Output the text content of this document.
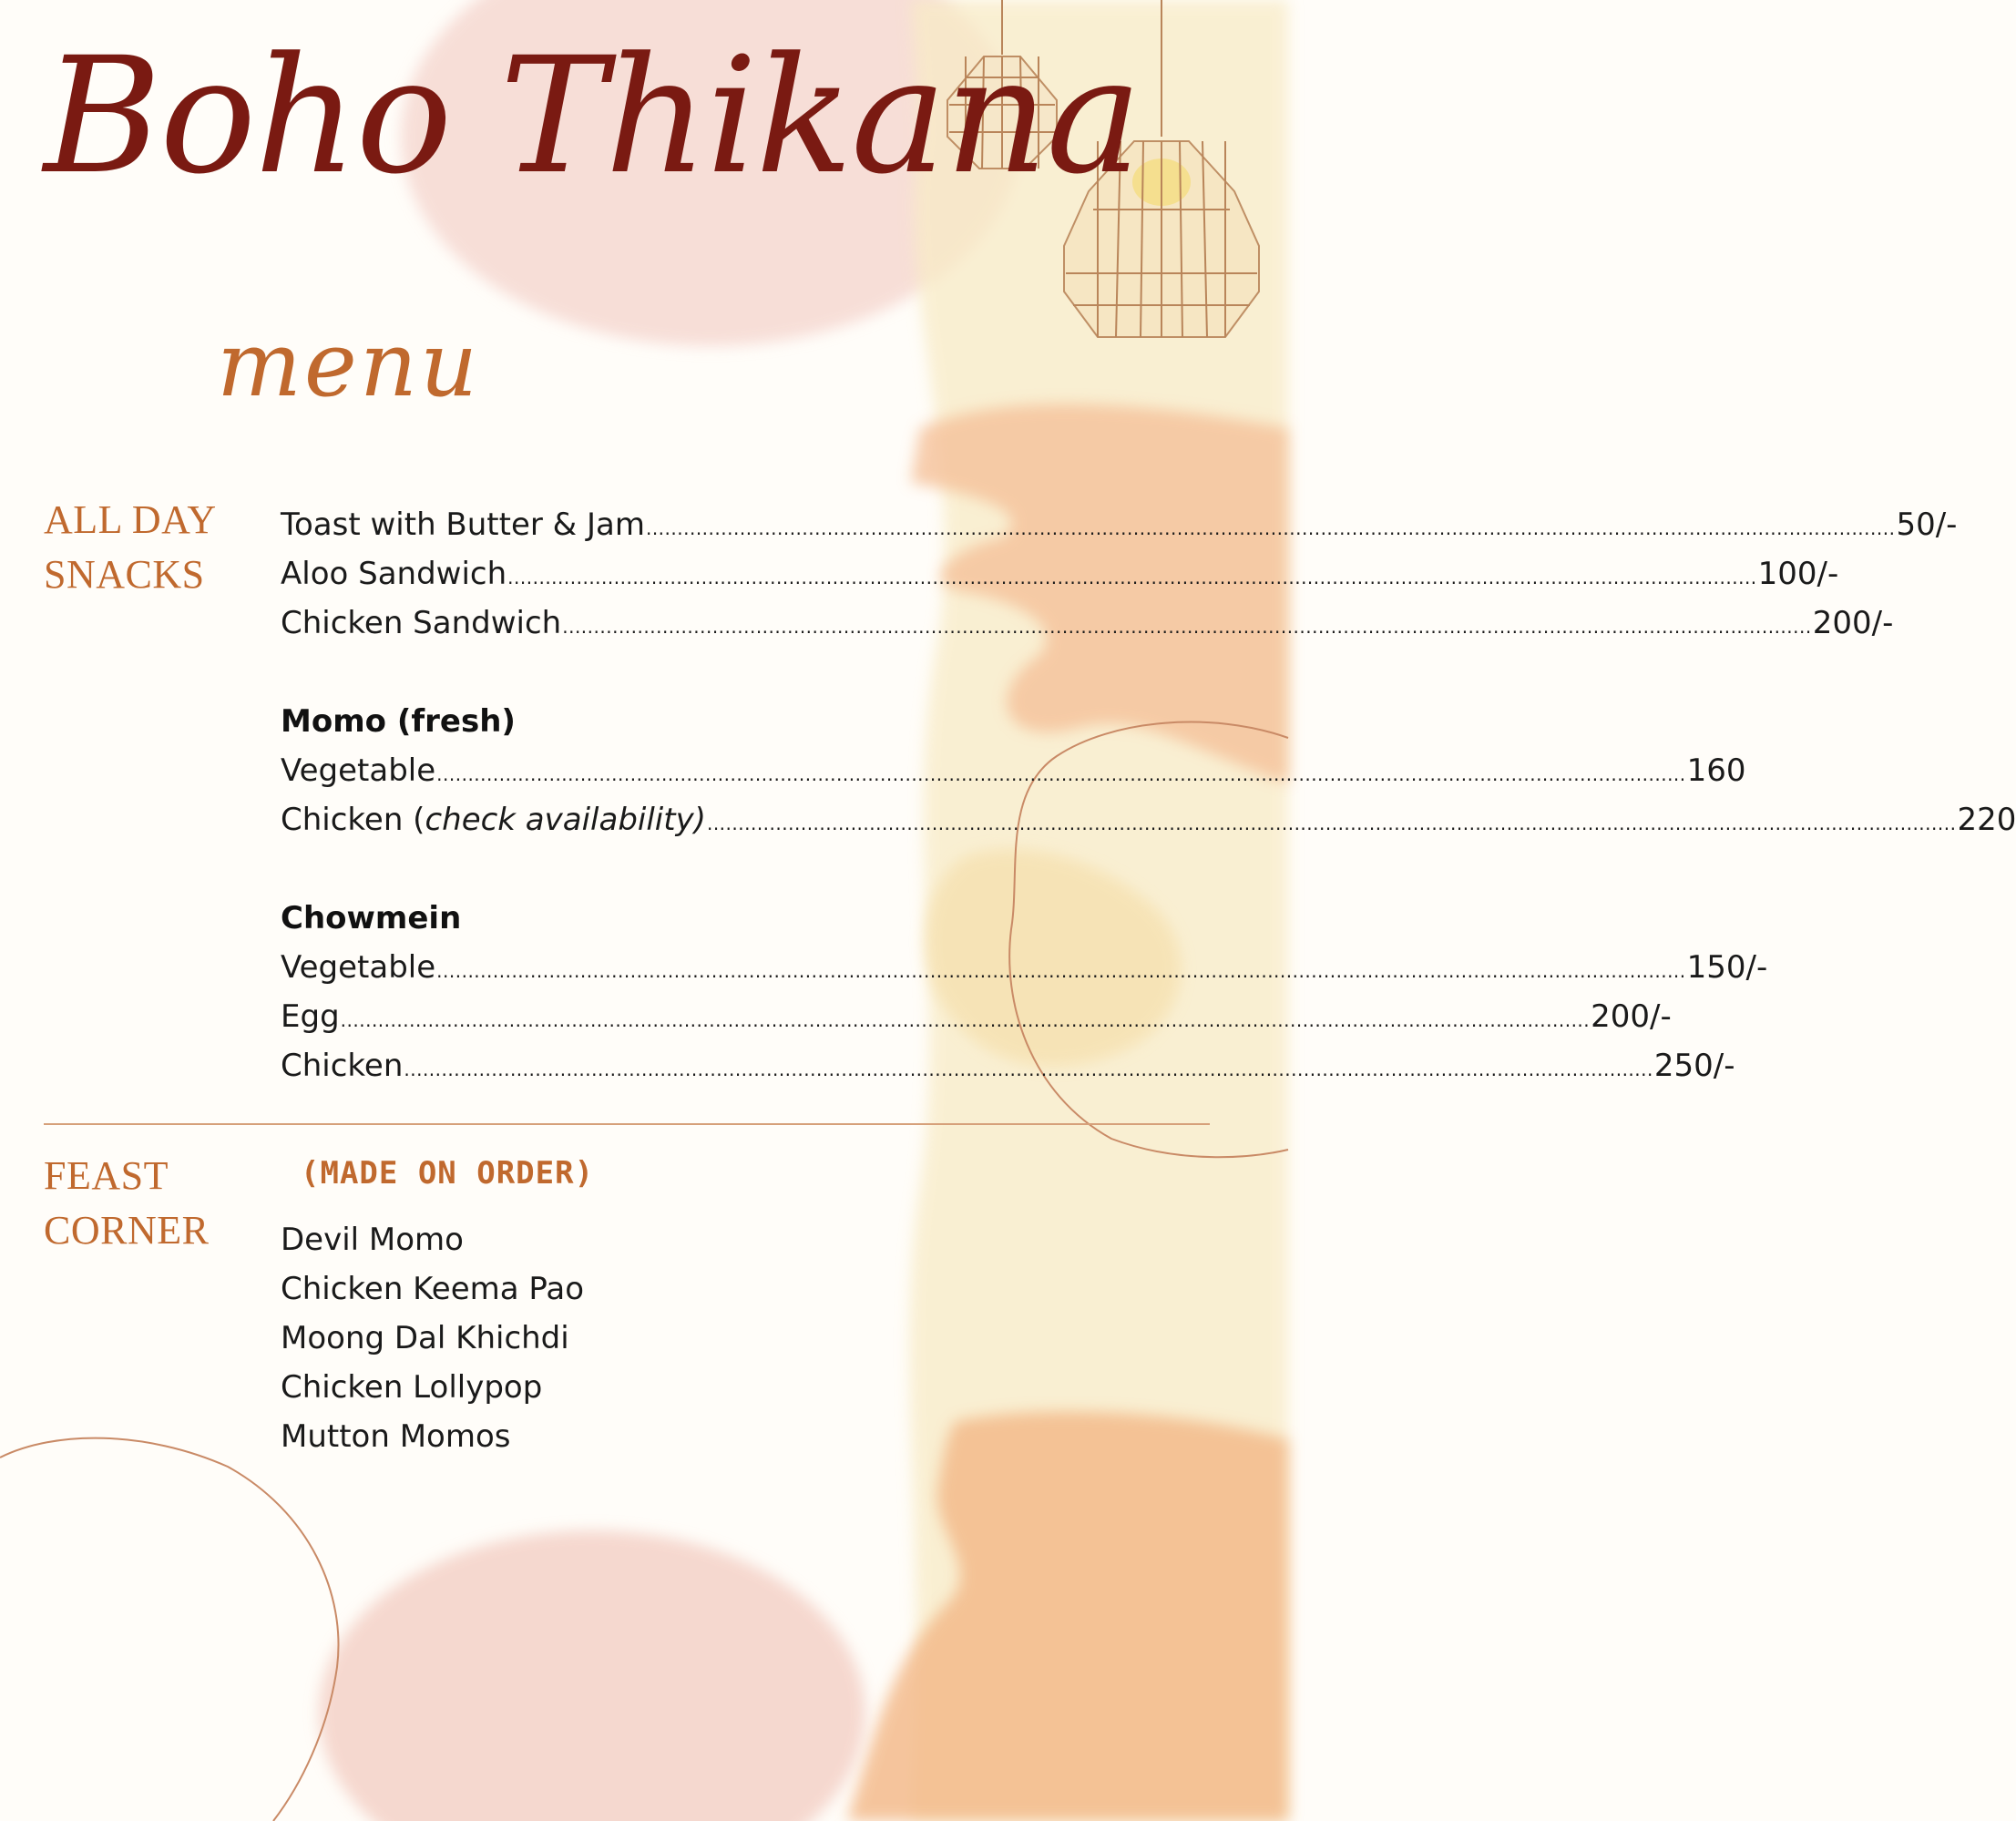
Boho Thikana
menu
ALL DAY
SNACKS
Toast with Butter & Jam ........................................................................................................................................................................................................ 50/-
Aloo Sandwich ........................................................................................................................................................................................................ 100/-
Chicken Sandwich ........................................................................................................................................................................................................ 200/-
Momo (fresh)
Vegetable ........................................................................................................................................................................................................ 160
Chicken (check availability) ........................................................................................................................................................................................................ 220
Chowmein
Vegetable ........................................................................................................................................................................................................ 150/-
Egg ........................................................................................................................................................................................................ 200/-
Chicken ........................................................................................................................................................................................................ 250/-
FEAST
CORNER
(MADE ON ORDER)
Devil Momo
Chicken Keema Pao
Moong Dal Khichdi
Chicken Lollypop
Mutton Momos
